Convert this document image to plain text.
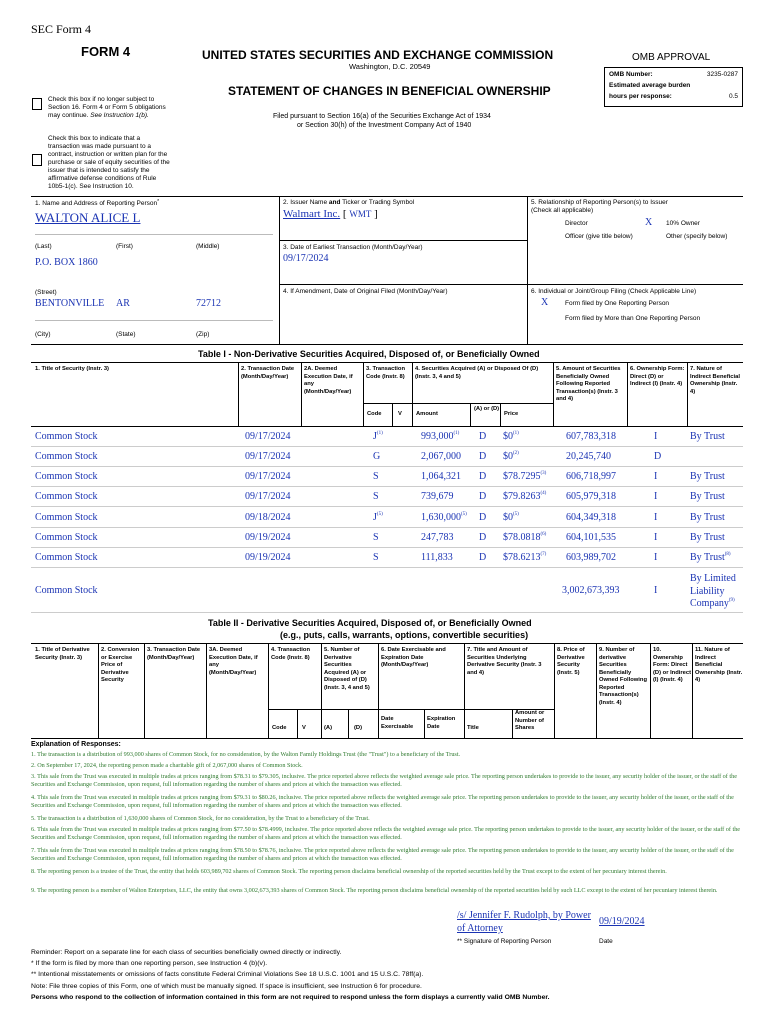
SEC Form 4
FORM 4	UNITED STATES SECURITIES AND EXCHANGE COMMISSION
Washington, D.C. 20549
STATEMENT OF CHANGES IN BENEFICIAL OWNERSHIP
Filed pursuant to Section 16(a) of the Securities Exchange Act of 1934
or Section 30(h) of the Investment Company Act of 1940
OMB APPROVAL
OMB Number:	3235-0287
Estimated average burden
hours per response:	0.5
Check this box if no longer subject to
Section 16. Form 4 or Form 5 obligations
may continue. See Instruction 1(b).
Check this box to indicate that a
transaction was made pursuant to a
contract, instruction or written plan for the
purchase or sale of equity securities of the
issuer that is intended to satisfy the
affirmative defense conditions of Rule
10b5-1(c). See Instruction 10.
1. Name and Address of Reporting Person*
WALTON ALICE L
(Last)	(First)	(Middle)
P.O. BOX 1860
(Street)
BENTONVILLE AR	72712
(City)	(State)	(Zip)
2. Issuer Name and Ticker or Trading Symbol
Walmart Inc. [ WMT ]
3. Date of Earliest Transaction (Month/Day/Year)
09/17/2024
4. If Amendment, Date of Original Filed (Month/Day/Year)
5. Relationship of Reporting Person(s) to Issuer
(Check all applicable)
Director	X 10% Owner
Officer (give title below)	Other (specify below)
6. Individual or Joint/Group Filing (Check Applicable Line)
X	Form filed by One Reporting Person
Form filed by More than One Reporting Person
Table I - Non-Derivative Securities Acquired, Disposed of, or Beneficially Owned
1. Title of Security (Instr. 3)	2. Transaction Date (Month/Day/Year)
2A. Deemed Execution Date, if any (Month/Day/Year)
3. Transaction Code (Instr. 8)
4. Securities Acquired (A) or Disposed Of (D) (Instr. 3, 4 and 5)
5. Amount of Securities Beneficially Owned Following Reported Transaction(s) (Instr. 3 and 4)
6. Ownership Form: Direct (D) or Indirect (I) (Instr. 4)
7. Nature of Indirect Beneficial Ownership (Instr. 4)
Code	V Amount
(A) or (D)
Price
Common Stock	09/17/2024	$J^{(1)}$	993,000$^{(1)}$ D $0$^{(1)}$	607,783,318	I	By Trust
Common Stock	09/17/2024	G	2,067,000 D $0$^{(2)}$	20,245,740	D
Common Stock	09/17/2024	S	1,064,321 D $78.7295$^{(3)}$ 606,718,997	I	By Trust
Common Stock	09/17/2024	S	739,679	D $79.8263$^{(4)}$ 605,979,318	I	By Trust
Common Stock	09/18/2024	$J^{(5)}$	1,630,000$^{(5)}$ D $0$^{(5)}$	604,349,318	I	By Trust
Common Stock	09/19/2024	S	247,783	D $78.0818$^{(6)}$ 604,101,535	I	By Trust
Common Stock	09/19/2024	S	111,833	D $78.6213$^{(7)}$ 603,989,702	I	By Trust$^{(8)}$
Common Stock	3,002,673,393	I
By Limited
Liability
Company$^{(9)}$
Table II - Derivative Securities Acquired, Disposed of, or Beneficially Owned
(e.g., puts, calls, warrants, options, convertible securities)
1. Title of Derivative Security (Instr. 3)
2. Conversion or Exercise Price of Derivative Security
3. Transaction Date (Month/Day/Year)
3A. Deemed Execution Date, if any (Month/Day/Year)
4. Transaction Code (Instr. 8)
5. Number of Derivative Securities Acquired (A) or Disposed of (D) (Instr. 3, 4 and 5)
6. Date Exercisable and Expiration Date (Month/Day/Year)
7. Title and Amount of Securities Underlying Derivative Security (Instr. 3 and 4)
8. Price of Derivative Security (Instr. 5)
9. Number of derivative Securities Beneficially Owned Following Reported Transaction(s) (Instr. 4)
10. Ownership Form: Direct (D) or Indirect (I) (Instr. 4)
11. Nature of Indirect Beneficial Ownership (Instr. 4)
Code	V	(A)	(D)
Date Exercisable
Expiration Date	Title
Amount or Number of Shares
Explanation of Responses:
1. The transaction is a distribution of 993,000 shares of Common Stock, for no consideration, by the Walton Family Holdings Trust (the "Trust") to a beneficiary of the Trust.
2. On September 17, 2024, the reporting person made a charitable gift of 2,067,000 shares of Common Stock.
3. This sale from the Trust was executed in multiple trades at prices ranging from $78.31 to $79.305, inclusive. The price reported above reflects the weighted average sale price. The reporting person undertakes to provide to the issuer, any security holder of the issuer, or the staff of the Securities and Exchange Commission, upon request, full information regarding the number of shares and prices at which the transaction was effected.
4. This sale from the Trust was executed in multiple trades at prices ranging from $79.31 to $80.26, inclusive. The price reported above reflects the weighted average sale price. The reporting person undertakes to provide to the issuer, any security holder of the issuer, or the staff of the Securities and Exchange Commission, upon request, full information regarding the number of shares and prices at which the transaction was effected.
5. The transaction is a distribution of 1,630,000 shares of Common Stock, for no consideration, by the Trust to a beneficiary of the Trust.
6. This sale from the Trust was executed in multiple trades at prices ranging from $77.50 to $78.4999, inclusive. The price reported above reflects the weighted average sale price. The reporting person undertakes to provide to the issuer, any security holder of the issuer, or the staff of the Securities and Exchange Commission, upon request, full information regarding the number of shares and prices at which the transaction was effected.
7. This sale from the Trust was executed in multiple trades at prices ranging from $78.50 to $78.76, inclusive. The price reported above reflects the weighted average sale price. The reporting person undertakes to provide to the issuer, any security holder of the issuer, or the staff of the Securities and Exchange Commission, upon request, full information regarding the number of shares and prices at which the transaction was effected.
8. The reporting person is a trustee of the Trust, the entity that holds 603,989,702 shares of Common Stock. The reporting person disclaims beneficial ownership of the reported securities held by the Trust except to the extent of her pecuniary interest therein.
9. The reporting person is a member of Walton Enterprises, LLC, the entity that owns 3,002,673,393 shares of Common Stock. The reporting person disclaims beneficial ownership of the reported securities held by such LLC except to the extent of her pecuniary interest therein.
/s/ Jennifer F. Rudolph, by Power
of Attorney
09/19/2024
** Signature of Reporting Person	Date
Reminder: Report on a separate line for each class of securities beneficially owned directly or indirectly.
* If the form is filed by more than one reporting person, see Instruction 4 (b)(v).
** Intentional misstatements or omissions of facts constitute Federal Criminal Violations See 18 U.S.C. 1001 and 15 U.S.C. 78ff(a).
Note: File three copies of this Form, one of which must be manually signed. If space is insufficient, see Instruction 6 for procedure.
Persons who respond to the collection of information contained in this form are not required to respond unless the form displays a currently valid OMB Number.
